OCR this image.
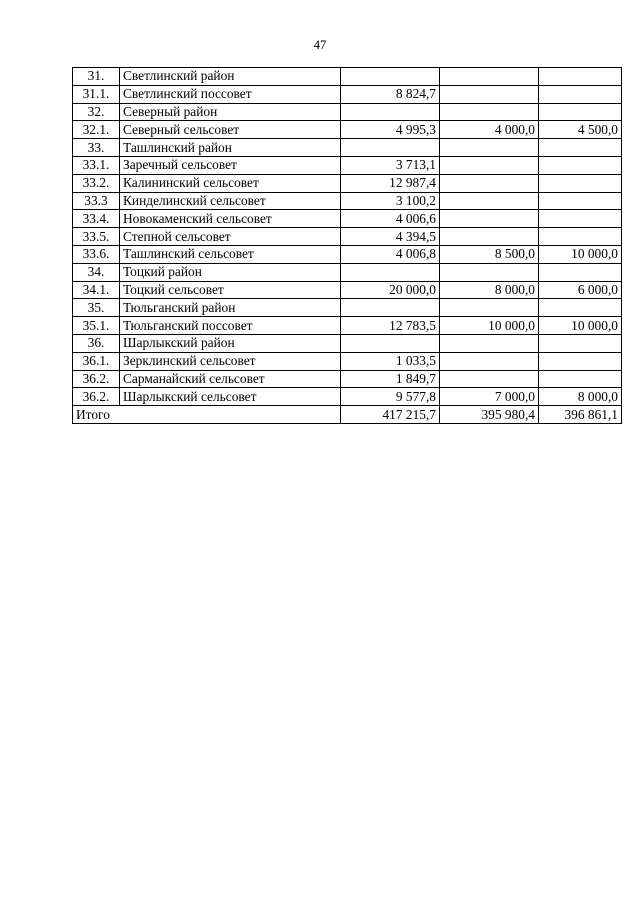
47
31.	Светлинский район			
31.1.	Светлинский поссовет	8 824,7		
32.	Северный район			
32.1.	Северный сельсовет	4 995,3	4 000,0	4 500,0
33.	Ташлинский район			
33.1.	Заречный сельсовет	3 713,1		
33.2.	Калининский сельсовет	12 987,4		
33.3	Кинделинский сельсовет	3 100,2		
33.4.	Новокаменский сельсовет	4 006,6		
33.5.	Степной сельсовет	4 394,5		
33.6.	Ташлинский сельсовет	4 006,8	8 500,0	10 000,0
34.	Тоцкий район			
34.1.	Тоцкий сельсовет	20 000,0	8 000,0	6 000,0
35.	Тюльганский район			
35.1.	Тюльганский поссовет	12 783,5	10 000,0	10 000,0
36.	Шарлыкский район			
36.1.	Зерклинский сельсовет	1 033,5		
36.2.	Сарманайский сельсовет	1 849,7		
36.2.	Шарлыкский сельсовет	9 577,8	7 000,0	8 000,0
Итого		417 215,7	395 980,4	396 861,1
